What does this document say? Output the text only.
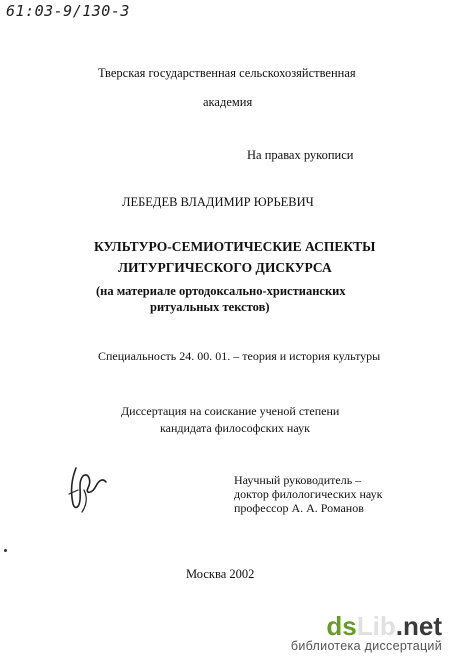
61:03-9/130-3
Тверская государственная сельскохозяйственная
академия
На правах рукописи
ЛЕБЕДЕВ ВЛАДИМИР ЮРЬЕВИЧ
КУЛЬТУРО-СЕМИОТИЧЕСКИЕ АСПЕКТЫ
ЛИТУРГИЧЕСКОГО ДИСКУРСА
(на материале ортодоксально-христианских
ритуальных текстов)
Специальность 24. 00. 01. – теория и история культуры
Диссертация на соискание ученой степени
кандидата философских наук
Научный руководитель –
доктор филологических наук
профессор А. А. Романов
Москва 2002
dsLib.net
библиотека диссертаций
